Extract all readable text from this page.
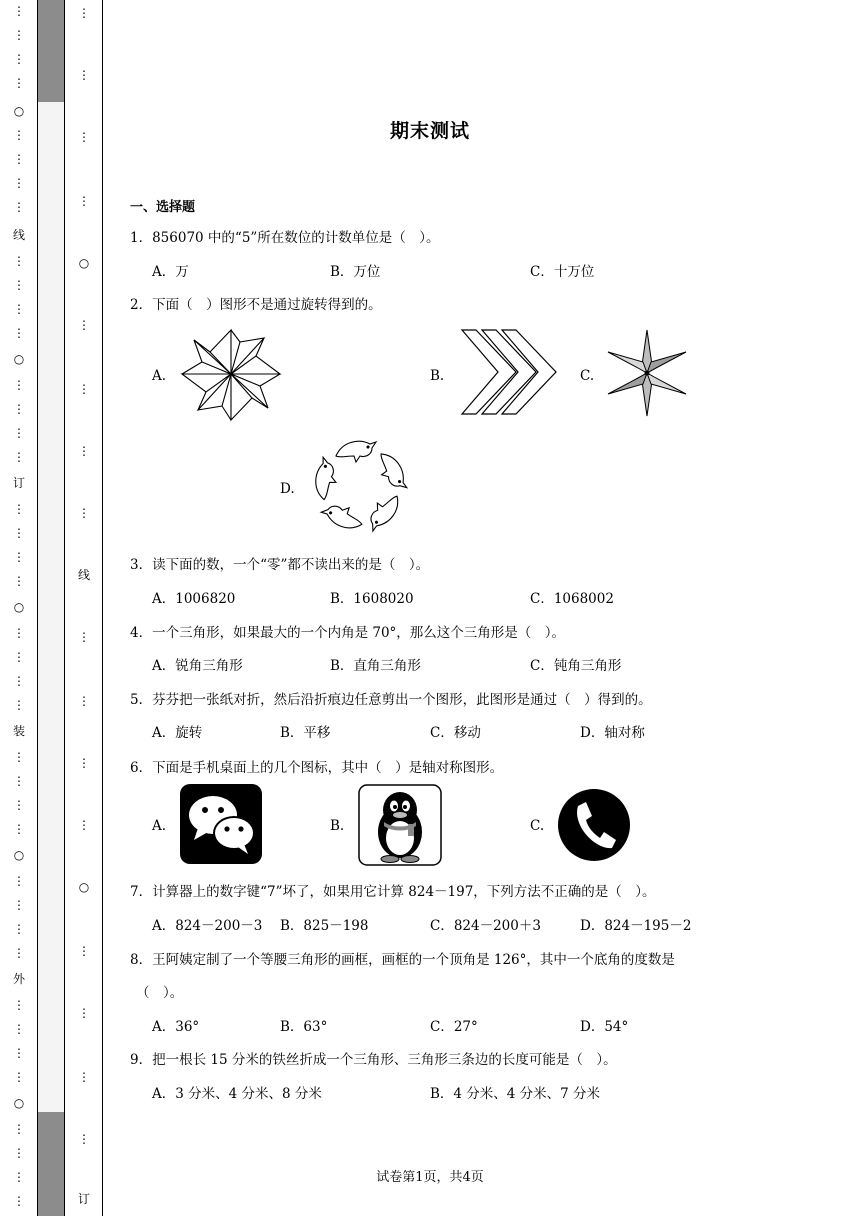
⋮
⋮
⋮
⋮
○
⋮
⋮
⋮
⋮
线
⋮
⋮
⋮
⋮
○
⋮
⋮
⋮
⋮
订
⋮
⋮
⋮
⋮
○
⋮
⋮
⋮
⋮
装
⋮
⋮
⋮
⋮
○
⋮
⋮
⋮
⋮
外
⋮
⋮
⋮
⋮
○
⋮
⋮
⋮
⋮
⋮
⋮
⋮
⋮
○
⋮
⋮
⋮
⋮
线
⋮
⋮
⋮
⋮
○
⋮
⋮
⋮
⋮
订
期末测试
一、选择题
1．856070 中的“5”所在数位的计数单位是（　）。
A．万	B．万位	C．十万位
2．下面（　）图形不是通过旋转得到的。
A.	B.	C.
D.
3．读下面的数，一个“零”都不读出来的是（　）。
A．1006820	B．1608020	C．1068002
4．一个三角形，如果最大的一个内角是 70°，那么这个三角形是（　）。
A．锐角三角形	B．直角三角形	C．钝角三角形
5．芬芬把一张纸对折，然后沿折痕边任意剪出一个图形，此图形是通过（　）得到的。
A．旋转	B．平移	C．移动	D．轴对称
6．下面是手机桌面上的几个图标，其中（　）是轴对称图形。
A.	B.	C.
7．计算器上的数字键“7”坏了，如果用它计算 824－197，下列方法不正确的是（　）。
A．824－200－3 B．825－198	C．824－200＋3	D．824－195－2
8．王阿姨定制了一个等腰三角形的画框，画框的一个顶角是 126°，其中一个底角的度数是
（　）。
A．36°	B．63°	C．27°	D．54°
9．把一根长 15 分米的铁丝折成一个三角形、三角形三条边的长度可能是（　）。
A．3 分米、4 分米、8 分米	B．4 分米、4 分米、7 分米
试卷第1页，共4页
